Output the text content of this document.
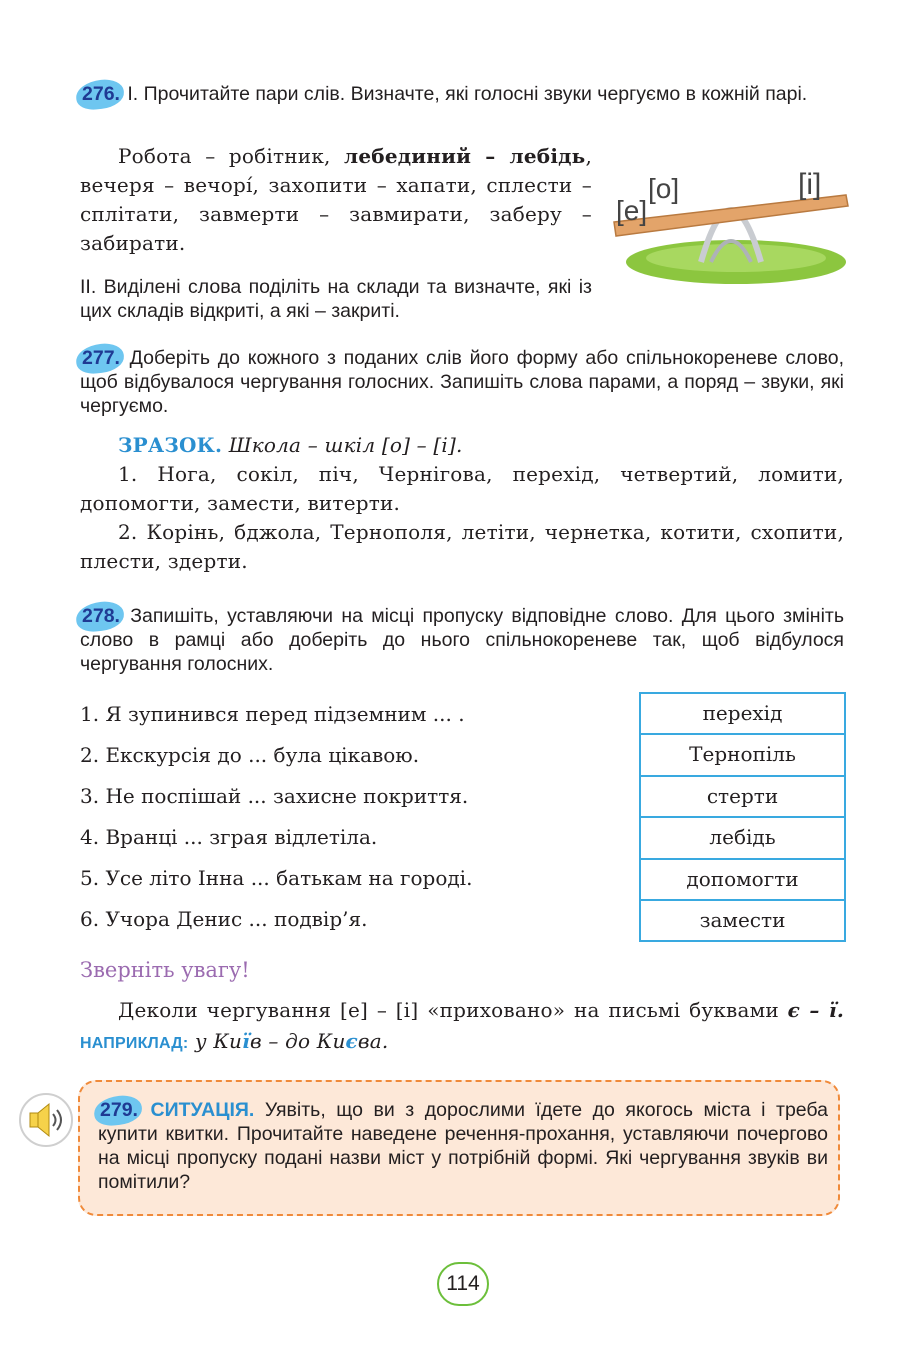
276. І. Прочитайте пари слів. Визначте, які голосні звуки чергуємо в кожній парі.
Робота – робітник, лебединий – лебідь, вечеря – вечорі́, захопити – хапати, сплести – сплітати, завмерти – завмирати, заберу – забирати.
[е]
[о]	[і]
ІІ. Виділені слова поділіть на склади та визначте, які із цих складів відкриті, а які – закриті.
277. Доберіть до кожного з поданих слів його форму або спільнокореневе слово, щоб відбувалося чергування голосних. Запишіть слова парами, а поряд – звуки, які чергуємо.
ЗРАЗОК. Школа – шкіл [о] – [і].
1. Нога, сокіл, піч, Чернігова, перехід, четвертий, ломити, допомогти, замести, витерти.
2. Корінь, бджола, Тернополя, летіти, чернетка, котити, схопити, плести, здерти.
278. Запишіть, уставляючи на місці пропуску відповідне слово. Для цього змініть слово в рамці або доберіть до нього спільнокореневе так, щоб відбулося чергування голосних.
1. Я зупинився перед підземним ... .
2. Екскурсія до ... була цікавою.
3. Не поспішай ... захисне покриття.
4. Вранці ... зграя відлетіла.
5. Усе літо Інна ... батькам на городі.
6. Учора Денис ... подвір’я.
перехід
Тернопіль
стерти
лебідь
допомогти
замести
Зверніть увагу!
Деколи чергування [е] – [і] «приховано» на письмі буквами є – ї. НАПРИКЛАД: у Київ – до Києва.
279. СИТУАЦІЯ. Уявіть, що ви з дорослими їдете до якогось міста і треба купити квитки. Прочитайте наведене речення-прохання, уставляючи почергово на місці пропуску подані назви міст у потрібній формі. Які чергування звуків ви помітили?
114
